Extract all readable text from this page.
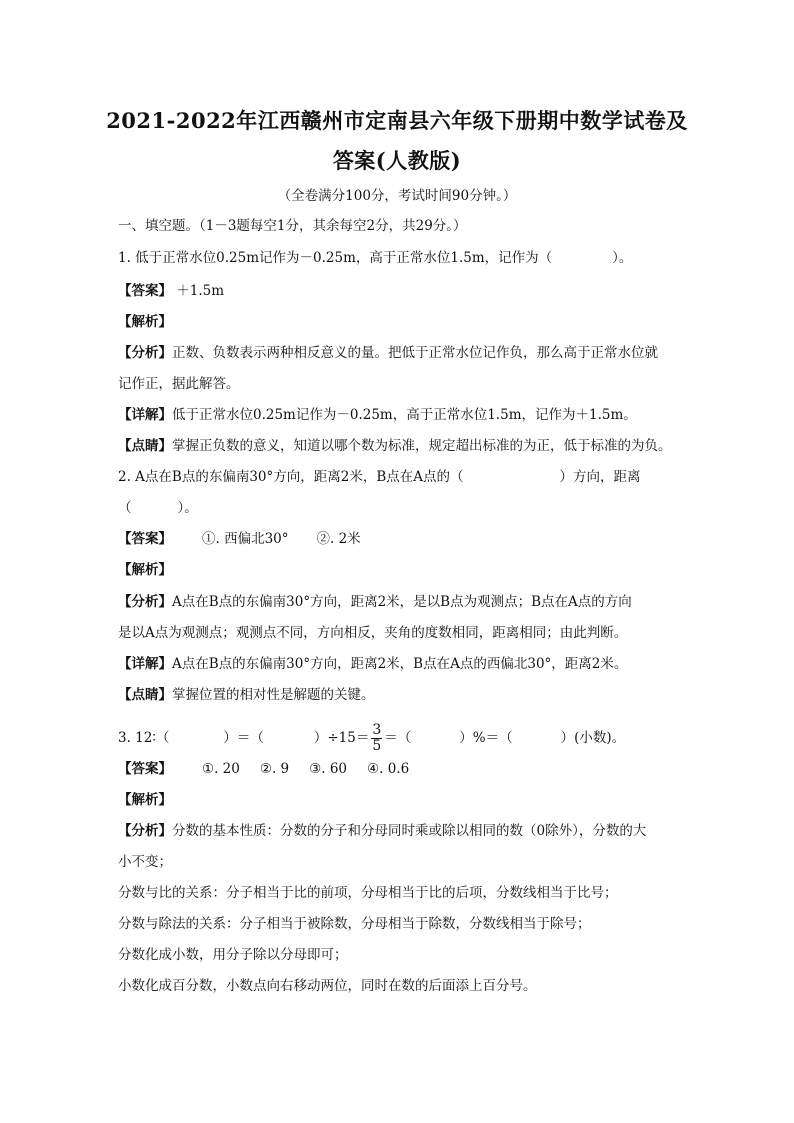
2021-2022年江西赣州市定南县六年级下册期中数学试卷及
答案(人教版)
（全卷满分100分，考试时间90分钟。）
一、填空题。（1－3题每空1分，其余每空2分，共29分。）
1. 低于正常水位0.25m记作为－0.25m，高于正常水位1.5m，记作为（	）。
【答案】 ＋1.5m
【解析】
【分析】正数、负数表示两种相反意义的量。把低于正常水位记作负，那么高于正常水位就
记作正，据此解答。
【详解】低于正常水位0.25m记作为－0.25m，高于正常水位1.5m，记作为＋1.5m。
【点睛】掌握正负数的意义，知道以哪个数为标准，规定超出标准的为正，低于标准的为负。
2. A点在B点的东偏南30°方向，距离2米，B点在A点的（	）方向，距离
（	）。
【答案】 ①. 西偏北30° ②. 2米
【解析】
【分析】A点在B点的东偏南30°方向，距离2米，是以B点为观测点；B点在A点的方向
是以A点为观测点；观测点不同，方向相反，夹角的度数相同，距离相同；由此判断。
【详解】A点在B点的东偏南30°方向，距离2米，B点在A点的西偏北30°，距离2米。
【点睛】掌握位置的相对性是解题的关键。
3. 12∶（	）＝（	）$\div 15= \frac{3}{5}$ ＝（	）%＝（	）(小数)。
【答案】 ①. 20 ②. 9 ③. 60 ④. 0.6
【解析】
【分析】分数的基本性质：分数的分子和分母同时乘或除以相同的数（0除外），分数的大
小不变；
分数与比的关系：分子相当于比的前项，分母相当于比的后项，分数线相当于比号；
分数与除法的关系：分子相当于被除数，分母相当于除数，分数线相当于除号；
分数化成小数，用分子除以分母即可；
小数化成百分数，小数点向右移动两位，同时在数的后面添上百分号。
